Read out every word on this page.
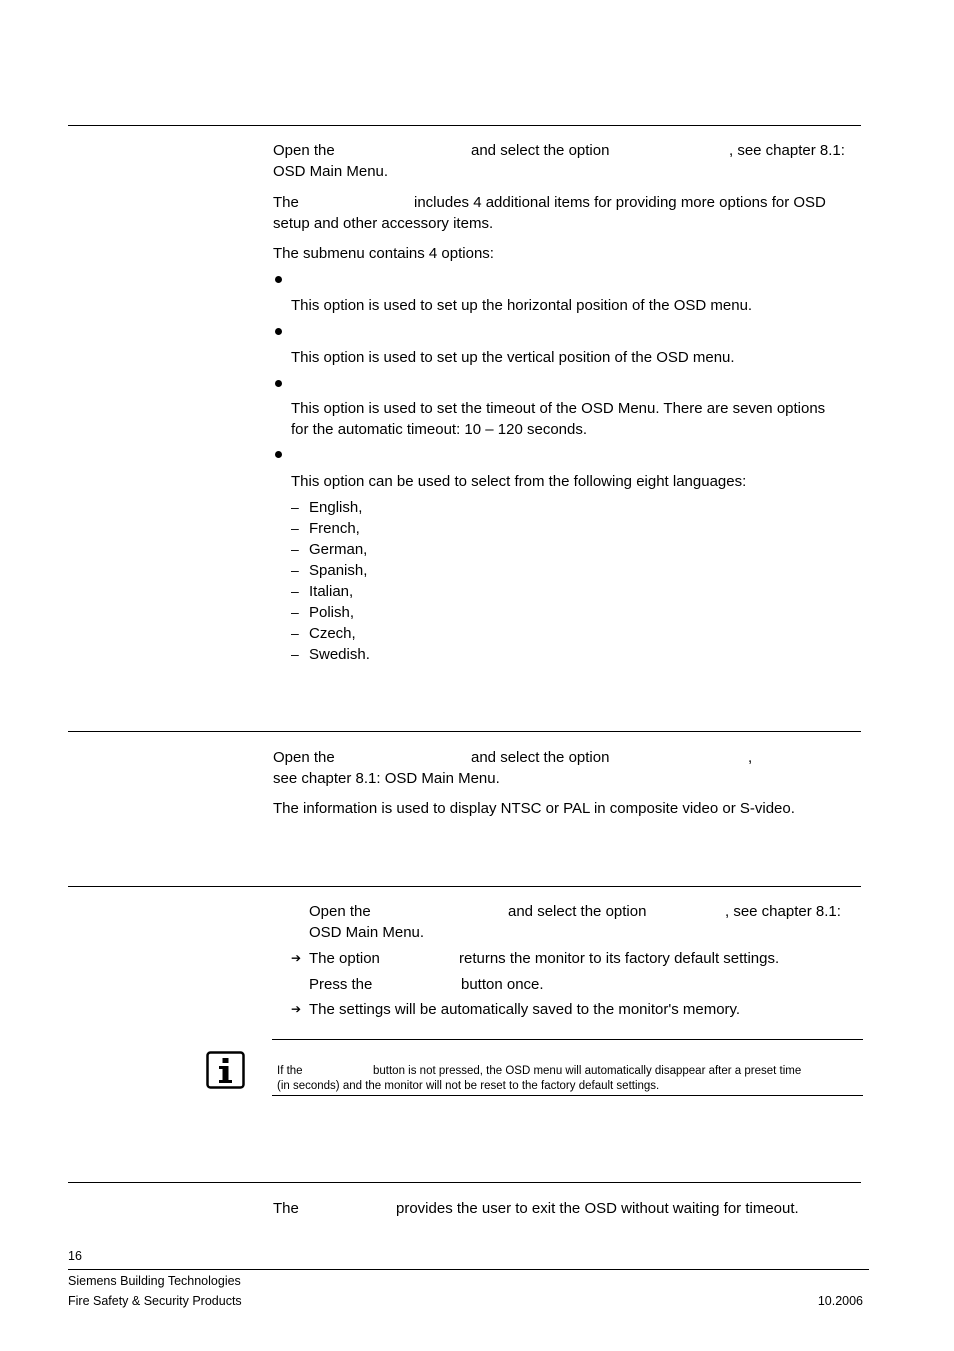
Open the	and select the option	, see chapter 8.1:
OSD Main Menu.
The	includes 4 additional items for providing more options for OSD
setup and other accessory items.
The submenu contains 4 options:
This option is used to set up the horizontal position of the OSD menu.
This option is used to set up the vertical position of the OSD menu.
This option is used to set the timeout of the OSD Menu. There are seven options
for the automatic timeout: 10 – 120 seconds.
This option can be used to select from the following eight languages:
– English,
– French,
– German,
– Spanish,
– Italian,
– Polish,
– Czech,
– Swedish.
Open the	and select the option	,
see chapter 8.1: OSD Main Menu.
The information is used to display NTSC or PAL in composite video or S-video.
Open the	and select the option	, see chapter 8.1:
OSD Main Menu.
➔ The option	returns the monitor to its factory default settings.
Press the	button once.
➔ The settings will be automatically saved to the monitor's memory.
If the	button is not pressed, the OSD menu will automatically disappear after a preset time
(in seconds) and the monitor will not be reset to the factory default settings.
The	provides the user to exit the OSD without waiting for timeout.
16
Siemens Building Technologies
Fire Safety & Security Products	10.2006
